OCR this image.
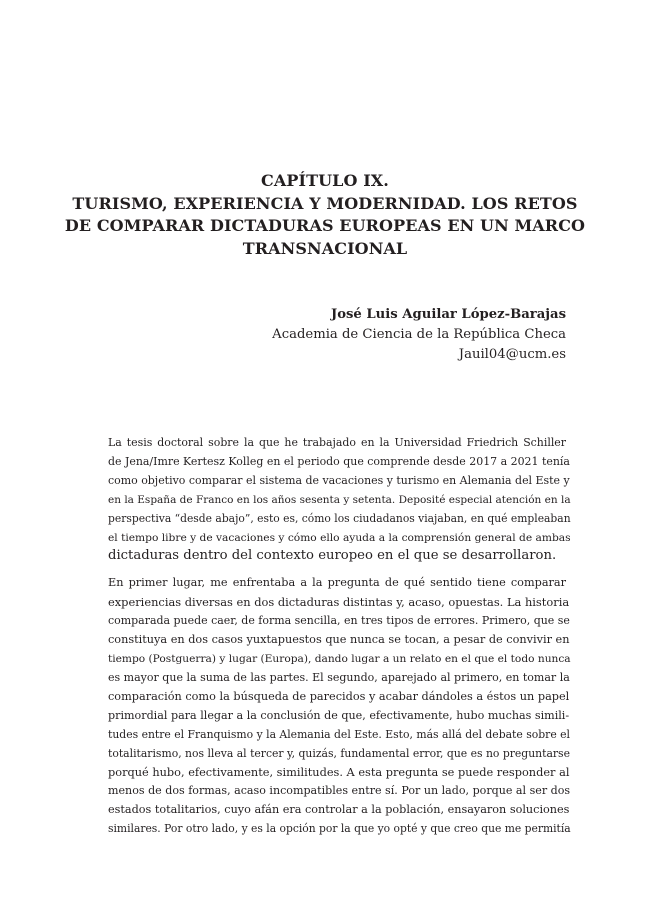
CAPÍTULO IX.
TURISMO, EXPERIENCIA Y MODERNIDAD. LOS RETOS
DE COMPARAR DICTADURAS EUROPEAS EN UN MARCO
TRANSNACIONAL
José Luis Aguilar López-Barajas
Academia de Ciencia de la República Checa
Jauil04@ucm.es

La tesis doctoral sobre la que he trabajado en la Universidad Friedrich Schiller
de Jena/Imre Kertesz Kolleg en el periodo que comprende desde 2017 a 2021 tenía
como objetivo comparar el sistema de vacaciones y turismo en Alemania del Este y
en la España de Franco en los años sesenta y setenta. Deposité especial atención en la
perspectiva “desde abajo”, esto es, cómo los ciudadanos viajaban, en qué empleaban
el tiempo libre y de vacaciones y cómo ello ayuda a la comprensión general de ambas
dictaduras dentro del contexto europeo en el que se desarrollaron.

En primer lugar, me enfrentaba a la pregunta de qué sentido tiene comparar
experiencias diversas en dos dictaduras distintas y, acaso, opuestas. La historia
comparada puede caer, de forma sencilla, en tres tipos de errores. Primero, que se
constituya en dos casos yuxtapuestos que nunca se tocan, a pesar de convivir en
tiempo (Postguerra) y lugar (Europa), dando lugar a un relato en el que el todo nunca
es mayor que la suma de las partes. El segundo, aparejado al primero, en tomar la
comparación como la búsqueda de parecidos y acabar dándoles a éstos un papel
primordial para llegar a la conclusión de que, efectivamente, hubo muchas simili-
tudes entre el Franquismo y la Alemania del Este. Esto, más allá del debate sobre el
totalitarismo, nos lleva al tercer y, quizás, fundamental error, que es no preguntarse
porqué hubo, efectivamente, similitudes. A esta pregunta se puede responder al
menos de dos formas, acaso incompatibles entre sí. Por un lado, porque al ser dos
estados totalitarios, cuyo afán era controlar a la población, ensayaron soluciones
similares. Por otro lado, y es la opción por la que yo opté y que creo que me permitía
